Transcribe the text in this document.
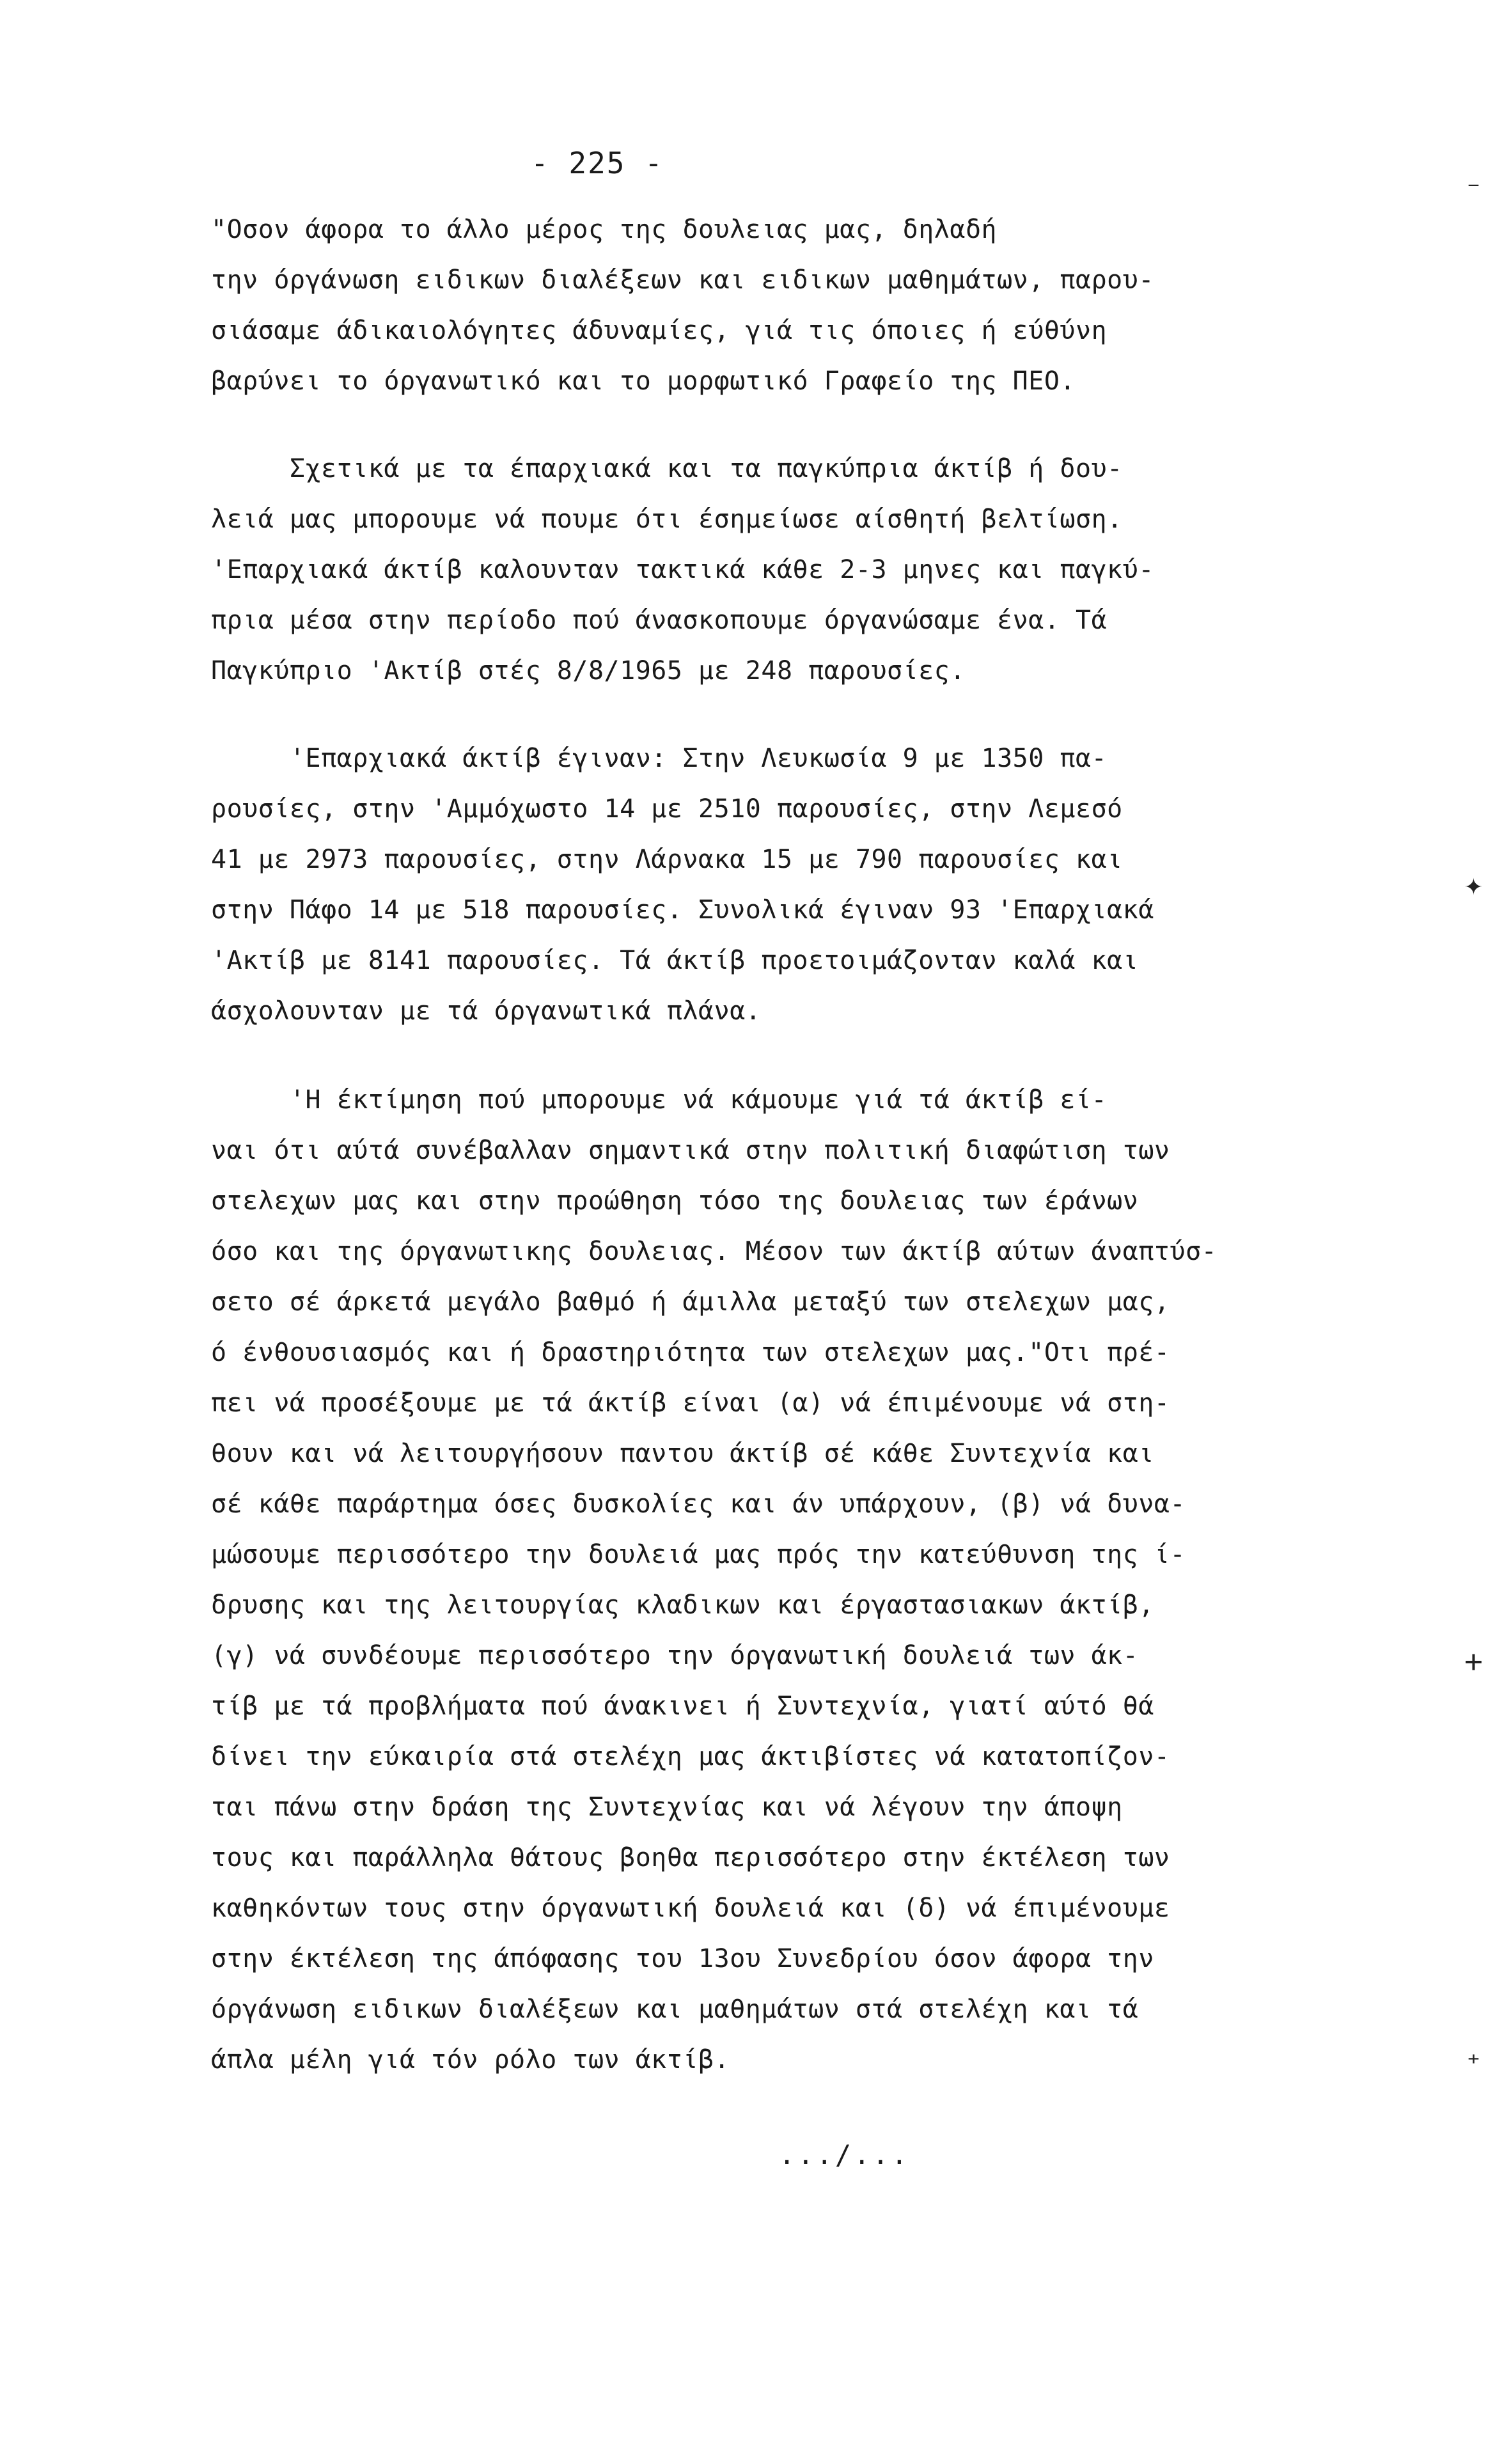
- 225 -
"Οσον άφορα το άλλο μέρος της δουλειας μας, δηλαδή
την όργάνωση ειδικων διαλέξεων και ειδικων μαθημάτων, παρου-
σιάσαμε άδικαιολόγητες άδυναμίες, γιά τις όποιες ή εύθύνη
βαρύνει το όργανωτικό και το μορφωτικό Γραφείο της ΠΕΟ.
Σχετικά με τα έπαρχιακά και τα παγκύπρια άκτίβ ή δου-
λειά μας μπορουμε νά πουμε ότι έσημείωσε αίσθητή βελτίωση.
'Επαρχιακά άκτίβ καλουνταν τακτικά κάθε 2-3 μηνες και παγκύ-
πρια μέσα στην περίοδο πού άνασκοπουμε όργανώσαμε ένα. Τά
Παγκύπριο 'Ακτίβ στές 8/8/1965 με 248 παρουσίες.
'Επαρχιακά άκτίβ έγιναν: Στην Λευκωσία 9 με 1350 πα-
ρουσίες, στην 'Αμμόχωστο 14 με 2510 παρουσίες, στην Λεμεσό
41 με 2973 παρουσίες, στην Λάρνακα 15 με 790 παρουσίες και
στην Πάφο 14 με 518 παρουσίες. Συνολικά έγιναν 93 'Επαρχιακά
'Ακτίβ με 8141 παρουσίες. Τά άκτίβ προετοιμάζονταν καλά και
άσχολουνταν με τά όργανωτικά πλάνα.
'Η έκτίμηση πού μπορουμε νά κάμουμε γιά τά άκτίβ εί-
ναι ότι αύτά συνέβαλλαν σημαντικά στην πολιτική διαφώτιση των
στελεχων μας και στην προώθηση τόσο της δουλειας των έράνων
όσο και της όργανωτικης δουλειας. Μέσον των άκτίβ αύτων άναπτύσ-
σετο σέ άρκετά μεγάλο βαθμό ή άμιλλα μεταξύ των στελεχων μας,
ό ένθουσιασμός και ή δραστηριότητα των στελεχων μας."Οτι πρέ-
πει νά προσέξουμε με τά άκτίβ είναι (α) νά έπιμένουμε νά στη-
θουν και νά λειτουργήσουν παντου άκτίβ σέ κάθε Συντεχνία και
σέ κάθε παράρτημα όσες δυσκολίες και άν υπάρχουν, (β) νά δυνα-
μώσουμε περισσότερο την δουλειά μας πρός την κατεύθυνση της ί-
δρυσης και της λειτουργίας κλαδικων και έργαστασιακων άκτίβ,
(γ) νά συνδέουμε περισσότερο την όργανωτική δουλειά των άκ-
τίβ με τά προβλήματα πού άνακινει ή Συντεχνία, γιατί αύτό θά
δίνει την εύκαιρία στά στελέχη μας άκτιβίστες νά κατατοπίζον-
ται πάνω στην δράση της Συντεχνίας και νά λέγουν την άποψη
τους και παράλληλα θάτους βοηθα περισσότερο στην έκτέλεση των
καθηκόντων τους στην όργανωτική δουλειά και (δ) νά έπιμένουμε
στην έκτέλεση της άπόφασης του 13ου Συνεδρίου όσον άφορα την
όργάνωση ειδικων διαλέξεων και μαθημάτων στά στελέχη και τά
άπλα μέλη γιά τόν ρόλο των άκτίβ.
.../...
⁻
✦
+
⁺
